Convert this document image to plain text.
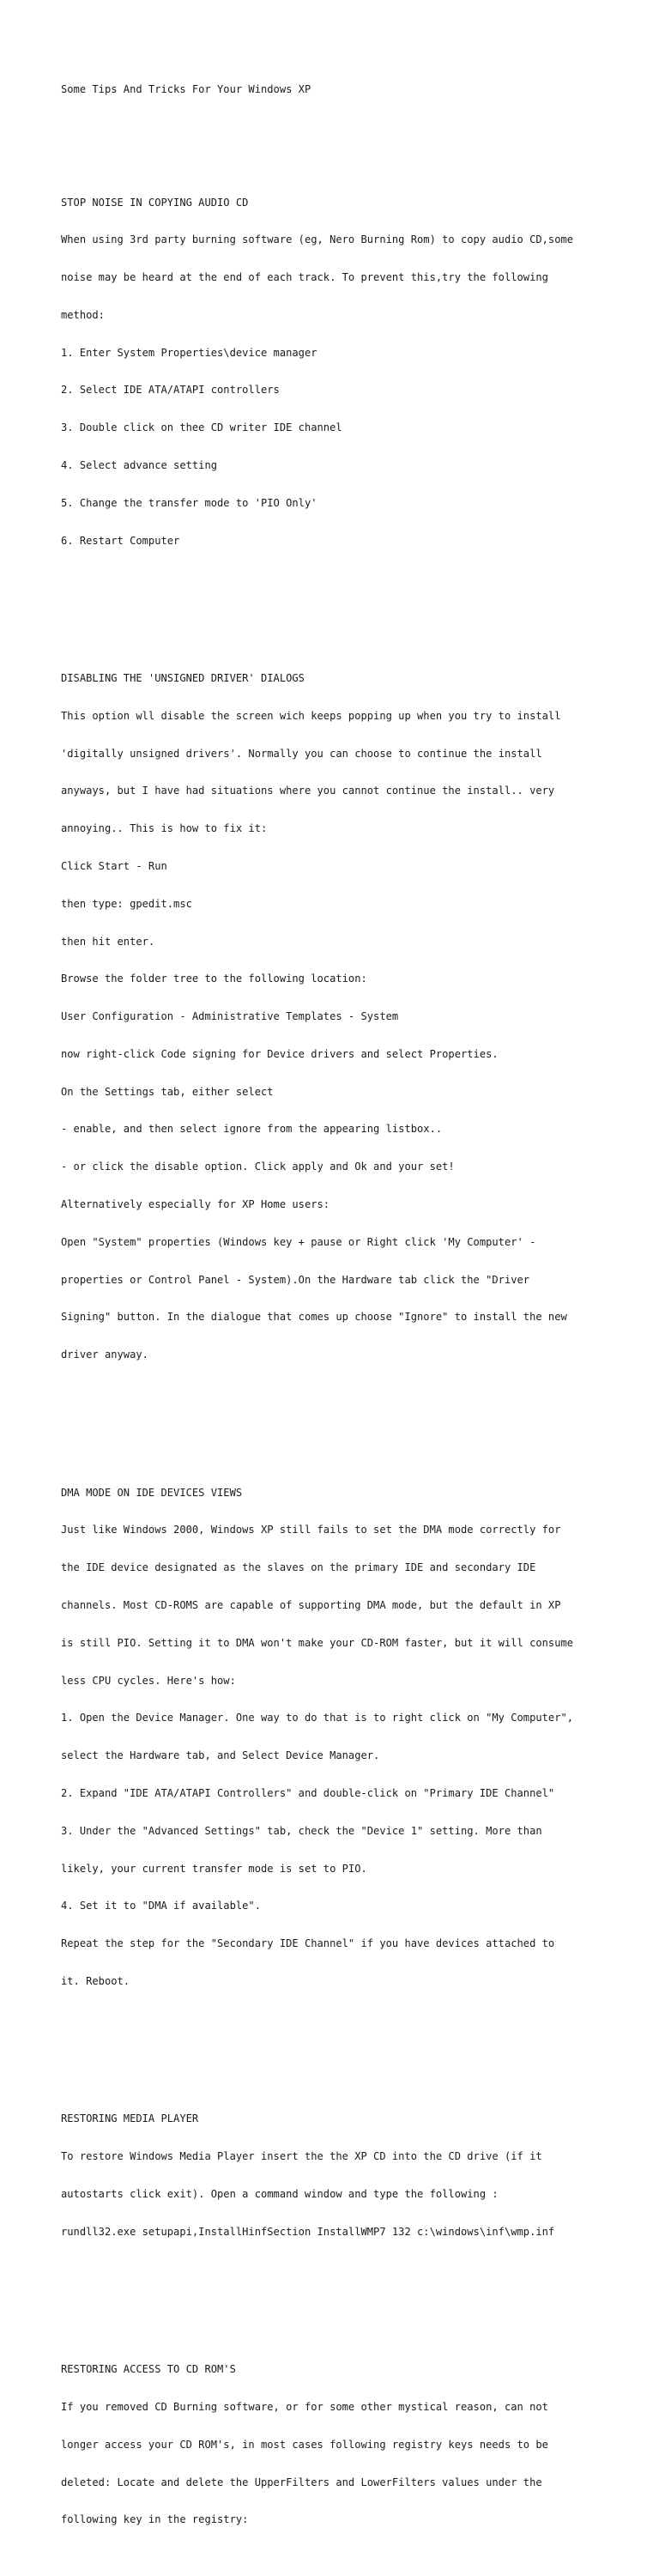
Some Tips And Tricks For Your Windows XP

STOP NOISE IN COPYING AUDIO CD

When using 3rd party burning software (eg, Nero Burning Rom) to copy audio CD,some

noise may be heard at the end of each track. To prevent this,try the following

method:

1. Enter System Properties\device manager

2. Select IDE ATA/ATAPI controllers

3. Double click on thee CD writer IDE channel

4. Select advance setting

5. Change the transfer mode to 'PIO Only'

6. Restart Computer

DISABLING THE 'UNSIGNED DRIVER' DIALOGS

This option wll disable the screen wich keeps popping up when you try to install

'digitally unsigned drivers'. Normally you can choose to continue the install

anyways, but I have had situations where you cannot continue the install.. very

annoying.. This is how to fix it:

Click Start - Run

then type: gpedit.msc

then hit enter.

Browse the folder tree to the following location:

User Configuration - Administrative Templates - System

now right-click Code signing for Device drivers and select Properties.

On the Settings tab, either select

- enable, and then select ignore from the appearing listbox..

- or click the disable option. Click apply and Ok and your set!

Alternatively especially for XP Home users:

Open "System" properties (Windows key + pause or Right click 'My Computer' -

properties or Control Panel - System).On the Hardware tab click the "Driver

Signing" button. In the dialogue that comes up choose "Ignore" to install the new

driver anyway.

DMA MODE ON IDE DEVICES VIEWS

Just like Windows 2000, Windows XP still fails to set the DMA mode correctly for

the IDE device designated as the slaves on the primary IDE and secondary IDE

channels. Most CD-ROMS are capable of supporting DMA mode, but the default in XP

is still PIO. Setting it to DMA won't make your CD-ROM faster, but it will consume

less CPU cycles. Here's how:

1. Open the Device Manager. One way to do that is to right click on "My Computer",

select the Hardware tab, and Select Device Manager.

2. Expand "IDE ATA/ATAPI Controllers" and double-click on "Primary IDE Channel"

3. Under the "Advanced Settings" tab, check the "Device 1" setting. More than

likely, your current transfer mode is set to PIO.

4. Set it to "DMA if available".

Repeat the step for the "Secondary IDE Channel" if you have devices attached to

it. Reboot.

RESTORING MEDIA PLAYER

To restore Windows Media Player insert the the XP CD into the CD drive (if it

autostarts click exit). Open a command window and type the following :

rundll32.exe setupapi,InstallHinfSection InstallWMP7 132 c:\windows\inf\wmp.inf

RESTORING ACCESS TO CD ROM'S

If you removed CD Burning software, or for some other mystical reason, can not

longer access your CD ROM's, in most cases following registry keys needs to be

deleted: Locate and delete the UpperFilters and LowerFilters values under the

following key in the registry:
